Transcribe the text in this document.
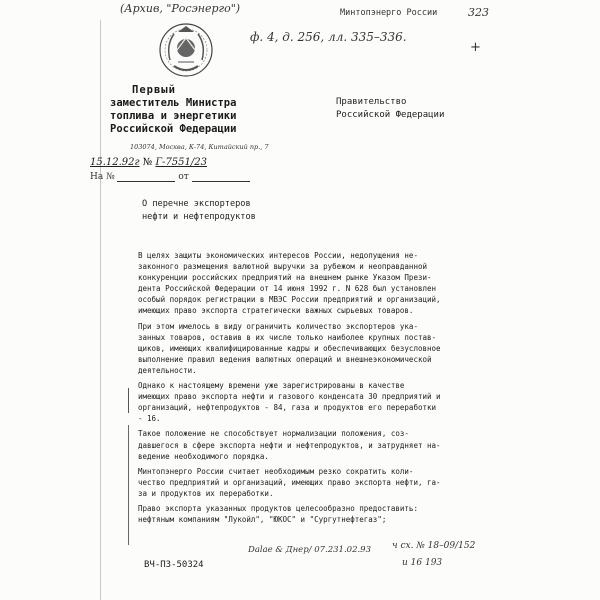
(Архив, "Росэнерго")
ф. 4, д. 256, лл. 335–336.
323
+
Минтопэнерго России
Первый
заместитель Министра
топлива и энергетики
Российской Федерации
103074, Москва, К-74, Китайский пр., 7
15.12.92г № Г-7551/23
На №	от
Правительство
Российской Федерации
О перечне экспортеров
нефти и нефтепродуктов
В целях защиты экономических интересов России, недопущения не-
законного размещения валютной выручки за рубежом и неоправданной
конкуренции российских предприятий на внешнем рынке Указом Прези-
дента Российской Федерации от 14 июня 1992 г. N 628 был установлен
особый порядок регистрации в МВЭС России предприятий и организаций,
имеющих право экспорта стратегически важных сырьевых товаров.
При этом имелось в виду ограничить количество экспортеров ука-
занных товаров, оставив в их числе только наиболее крупных постав-
щиков, имеющих квалифицированные кадры и обеспечивающих безусловное
выполнение правил ведения валютных операций и внешнеэкономической
деятельности.
Однако к настоящему времени уже зарегистрированы в качестве
имеющих право экспорта нефти и газового конденсата 30 предприятий и
организаций, нефтепродуктов - 84, газа и продуктов его переработки
- 16.
Такое положение не способствует нормализации положения, соз-
давшегося в сфере экспорта нефти и нефтепродуктов, и затрудняет на-
ведение необходимого порядка.
Минтопэнерго России считает необходимым резко сократить коли-
чество предприятий и организаций, имеющих право экспорта нефти, га-
за и продуктов их переработки.
Право экспорта указанных продуктов целесообразно предоставить:
нефтяным компаниям "Лукойл", "ЮКОС" и "Сургутнефтегаз";
Dalae & Днер/ 07.231.02.93 ч сх. № 18–09/152
и 16 193
ВЧ-ПЗ-50324
